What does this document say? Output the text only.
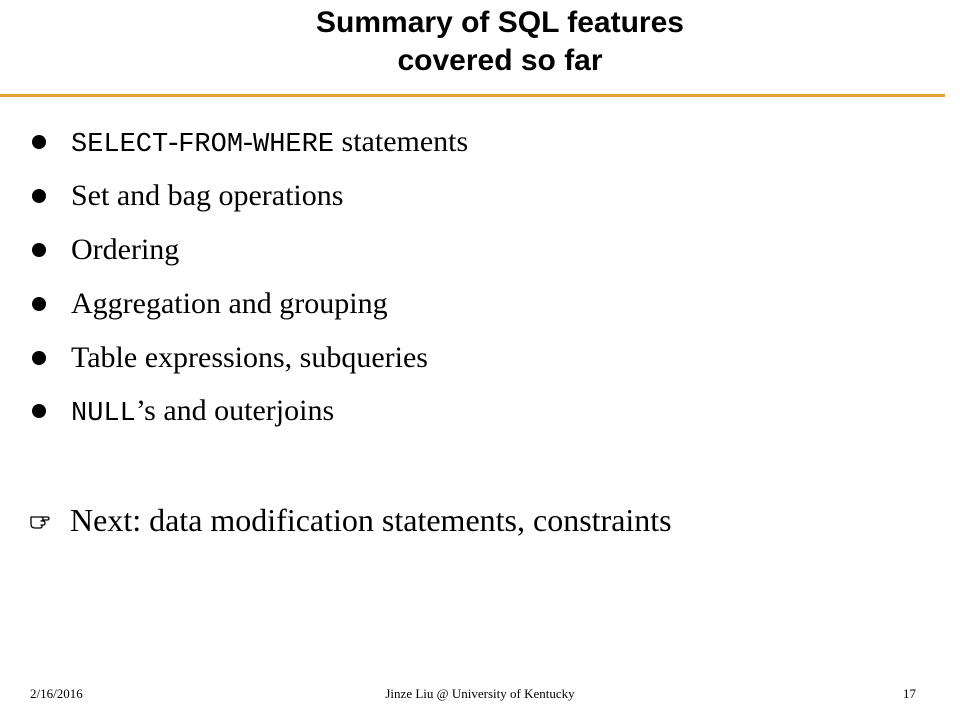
Summary of SQL features
covered so far
SELECT-FROM-WHERE statements
Set and bag operations
Ordering
Aggregation and grouping
Table expressions, subqueries
NULL’s and outerjoins
Next: data modification statements, constraints
2/16/2016	Jinze Liu @ University of Kentucky	17
